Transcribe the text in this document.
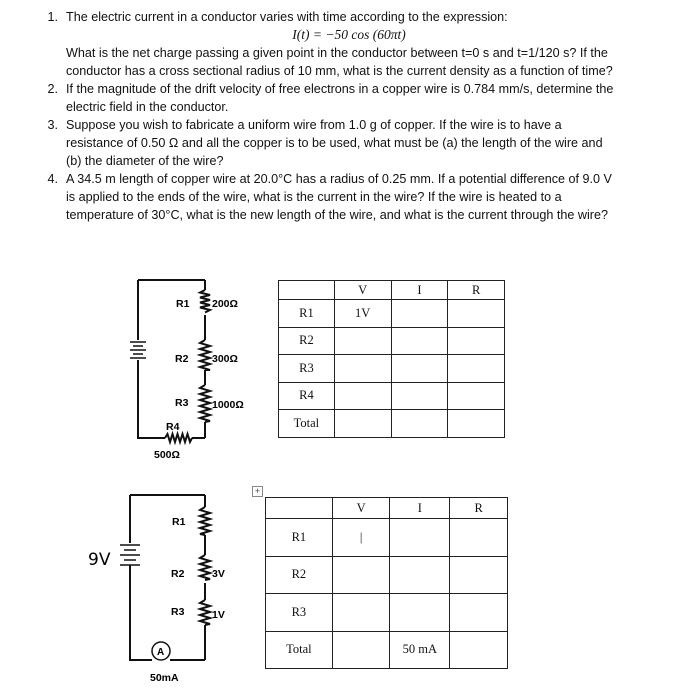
1. The electric current in a conductor varies with time according to the expression:
I(t) = −50 cos (60πt)
What is the net charge passing a given point in the conductor between t=0 s and t=1/120 s? If the conductor has a cross sectional radius of 10 mm, what is the current density as a function of time?
2. If the magnitude of the drift velocity of free electrons in a copper wire is 0.784 mm/s, determine the electric field in the conductor.
3. Suppose you wish to fabricate a uniform wire from 1.0 g of copper. If the wire is to have a resistance of 0.50 Ω and all the copper is to be used, what must be (a) the length of the wire and (b) the diameter of the wire?
4. A 34.5 m length of copper wire at 20.0°C has a radius of 0.25 mm. If a potential difference of 9.0 V is applied to the ends of the wire, what is the current in the wire? If the wire is heated to a temperature of 30°C, what is the new length of the wire, and what is the current through the wire?
R1 200Ω
R2 300Ω
R3 1000Ω
R4
500Ω
	V	I	R
R1	1V		
R2			
R3			
R4			
Total			
+
9V
R1
R2	3V
R3	1V
A
50mA
	V	I	R
R1	|		
R2			
R3			
Total		50 mA	
